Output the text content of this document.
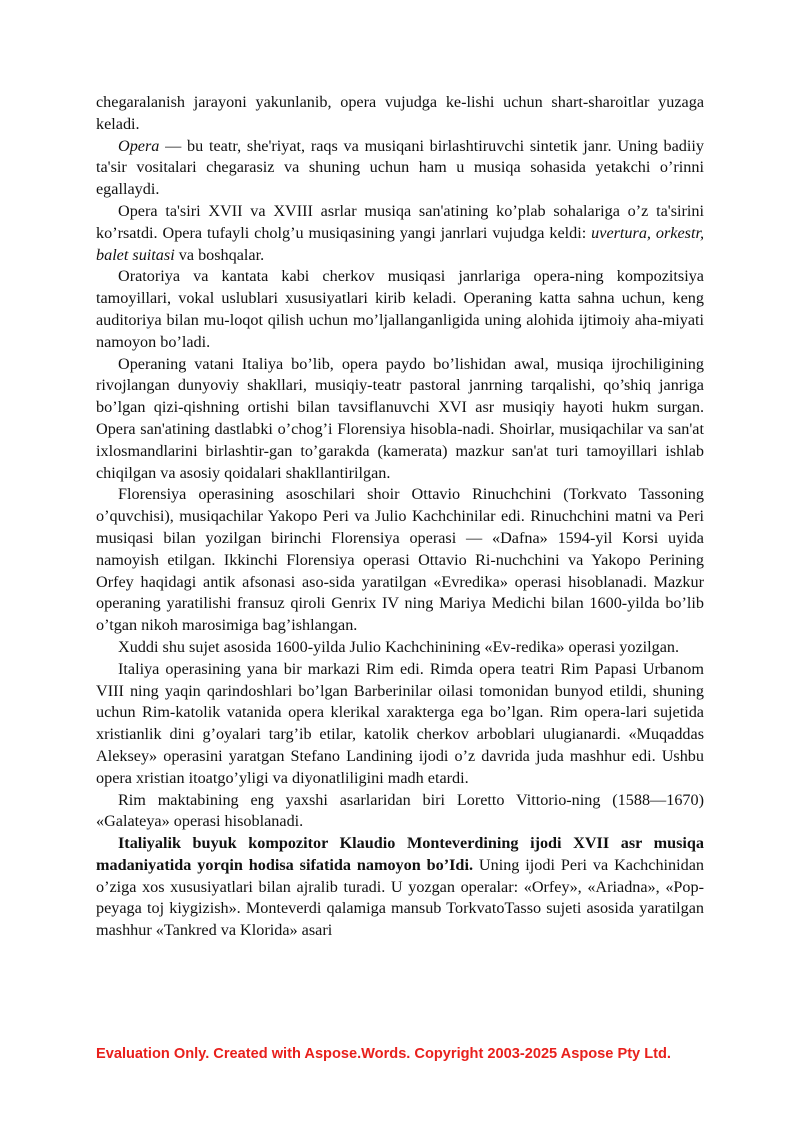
chegaralanish jarayoni yakunlanib, opera vujudga ke-lishi uchun shart-sharoitlar yuzaga keladi.

Opera — bu teatr, she'riyat, raqs va musiqani birlashtiruvchi sintetik janr. Uning badiiy ta'sir vositalari chegarasiz va shuning uchun ham u musiqa sohasida yetakchi o’rinni egallaydi.

Opera ta'siri XVII va XVIII asrlar musiqa san'atining ko’plab sohalariga o’z ta'sirini ko’rsatdi. Opera tufayli cholg’u musiqasining yangi janrlari vujudga keldi: uvertura, orkestr, balet suitasi va boshqalar.

Oratoriya va kantata kabi cherkov musiqasi janrlariga opera-ning kompozitsiya tamoyillari, vokal uslublari xususiyatlari kirib keladi. Operaning katta sahna uchun, keng auditoriya bilan mu-loqot qilish uchun mo’ljallanganligida uning alohida ijtimoiy aha-miyati namoyon bo’ladi.

Operaning vatani Italiya bo’lib, opera paydo bo’lishidan awal, musiqa ijrochiligining rivojlangan dunyoviy shakllari, musiqiy-teatr pastoral janrning tarqalishi, qo’shiq janriga bo’lgan qizi-qishning ortishi bilan tavsiflanuvchi XVI asr musiqiy hayoti hukm surgan. Opera san'atining dastlabki o’chog’i Florensiya hisobla-nadi. Shoirlar, musiqachilar va san'at ixlosmandlarini birlashtir-gan to’garakda (kamerata) mazkur san'at turi tamoyillari ishlab chiqilgan va asosiy qoidalari shakllantirilgan.

Florensiya operasining asoschilari shoir Ottavio Rinuchchini (Torkvato Tassoning o’quvchisi), musiqachilar Yakopo Peri va Julio Kachchinilar edi. Rinuchchini matni va Peri musiqasi bilan yozilgan birinchi Florensiya operasi — «Dafna» 1594-yil Korsi uyida namoyish etilgan. Ikkinchi Florensiya operasi Ottavio Ri-nuchchini va Yakopo Perining Orfey haqidagi antik afsonasi aso-sida yaratilgan «Evredika» operasi hisoblanadi. Mazkur operaning yaratilishi fransuz qiroli Genrix IV ning Mariya Medichi bilan 1600-yilda bo’lib o’tgan nikoh marosimiga bag’ishlangan.

Xuddi shu sujet asosida 1600-yilda Julio Kachchinining «Ev-redika» operasi yozilgan.

Italiya operasining yana bir markazi Rim edi. Rimda opera teatri Rim Papasi Urbanom VIII ning yaqin qarindoshlari bo’lgan Barberinilar oilasi tomonidan bunyod etildi, shuning uchun Rim-katolik vatanida opera klerikal xarakterga ega bo’lgan. Rim opera-lari sujetida xristianlik dini g’oyalari targ’ib etilar, katolik cherkov arboblari ulugianardi. «Muqaddas Aleksey» operasini yaratgan Stefano Landining ijodi o’z davrida juda mashhur edi. Ushbu opera xristian itoatgo’yligi va diyonatliligini madh etardi.

Rim maktabining eng yaxshi asarlaridan biri Loretto Vittorio-ning (1588—1670) «Galateya» operasi hisoblanadi.

Italiyalik buyuk kompozitor Klaudio Monteverdining ijodi XVII asr musiqa madaniyatida yorqin hodisa sifatida namoyon bo’Idi. Uning ijodi Peri va Kachchinidan o’ziga xos xususiyatlari bilan ajralib turadi. U yozgan operalar: «Orfey», «Ariadna», «Pop-peyaga toj kiygizish». Monteverdi qalamiga mansub TorkvatoTasso sujeti asosida yaratilgan mashhur «Tankred va Klorida» asari

Evaluation Only. Created with Aspose.Words. Copyright 2003-2025 Aspose Pty Ltd.
